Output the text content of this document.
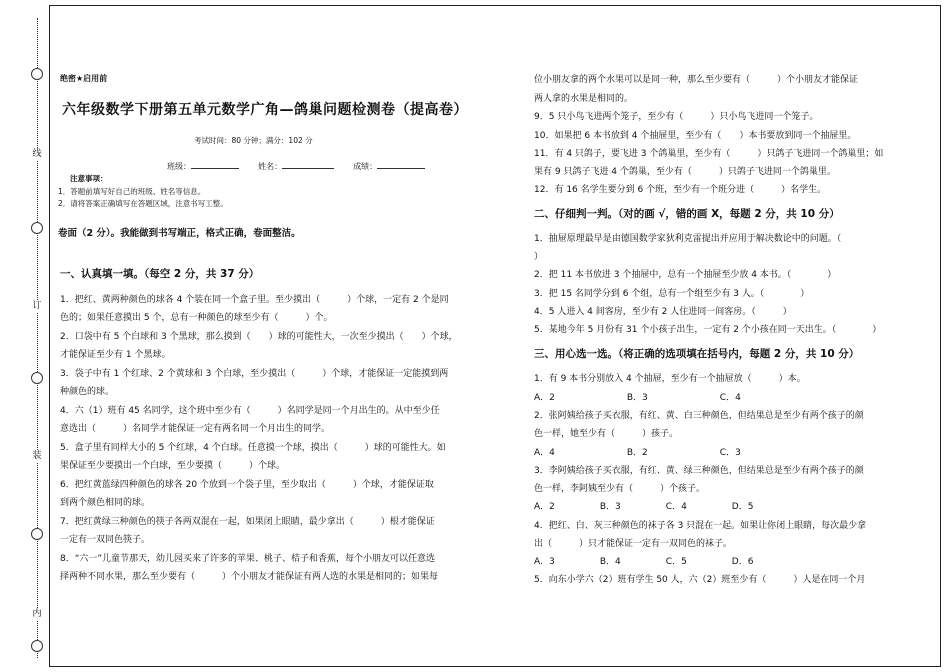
线
订
装
内
绝密★启用前
六年级数学下册第五单元数学广角—鸽巢问题检测卷（提高卷）
考试时间：80 分钟；满分：102 分
班级：	姓名：	成绩：
注意事项：
1．答题前填写好自己的班级、姓名等信息。
2．请将答案正确填写在答题区域，注意书写工整。
卷面（2 分）。我能做到书写端正，格式正确，卷面整洁。
一、认真填一填。（每空 2 分，共 37 分）
1．把红、黄两种颜色的球各 4 个装在同一个盒子里。至少摸出（　　　）个球，一定有 2 个是同
色的；如果任意摸出 5 个，总有一种颜色的球至少有（　　　）个。
2．口袋中有 5 个白球和 3 个黑球，那么摸到（　　）球的可能性大，一次至少摸出（　　）个球，
才能保证至少有 1 个黑球。
3．袋子中有 1 个红球、2 个黄球和 3 个白球，至少摸出（　　　）个球，才能保证一定能摸到两
种颜色的球。
4．六（1）班有 45 名同学，这个班中至少有（　　　）名同学是同一个月出生的。从中至少任
意选出（　　　）名同学才能保证一定有两名同一个月出生的同学。
5．盒子里有同样大小的 5 个红球，4 个白球。任意摸一个球，摸出（　　　）球的可能性大。如
果保证至少要摸出一个白球，至少要摸（　　　）个球。
6．把红黄蓝绿四种颜色的球各 20 个放到一个袋子里，至少取出（　　　）个球，才能保证取
到两个颜色相同的球。
7．把红黄绿三种颜色的筷子各两双混在一起，如果闭上眼睛，最少拿出（　　　）根才能保证
一定有一双同色筷子。
8．“六一”儿童节那天，幼儿园买来了许多的苹果、桃子、桔子和香蕉，每个小朋友可以任意选
择两种不同水果，那么至少要有（　　　）个小朋友才能保证有两人选的水果是相同的；如果每
位小朋友拿的两个水果可以是同一种，那么至少要有（　　　）个小朋友才能保证
两人拿的水果是相同的。
9．5 只小鸟飞进两个笼子，至少有（　　　）只小鸟飞进同一个笼子。
10．如果把 6 本书放到 4 个抽屉里，至少有（　　）本书要放到同一个抽屉里。
11．有 4 只鸽子，要飞进 3 个鸽巢里，至少有（　　　）只鸽子飞进同一个鸽巢里；如
果有 9 只鸽子飞进 4 个鸽巢，至少有（　　　）只鸽子飞进同一个鸽巢里。
12．有 16 名学生要分到 6 个班，至少有一个班分进（　　　）名学生。
二、仔细判一判。（对的画 √，错的画 X，每题 2 分，共 10 分）
1．抽屉原理最早是由德国数学家狄利克雷提出并应用于解决数论中的问题。（
）
2．把 11 本书放进 3 个抽屉中，总有一个抽屉至少放 4 本书。（　　　　）
3．把 15 名同学分到 6 个组，总有一个组至少有 3 人。（　　　　）
4．5 人进入 4 间客房，至少有 2 人住进同一间客房。（　　　）
5．某地今年 5 月份有 31 个小孩子出生，一定有 2 个小孩在同一天出生。（　　　　）
三、用心选一选。（将正确的选项填在括号内，每题 2 分，共 10 分）
1．有 9 本书分别放入 4 个抽屉，至少有一个抽屉放（　　　）本。
A．2　　　　　　　　B．3　　　　　　　　C．4
2．张阿姨给孩子买衣服，有红、黄、白三种颜色，但结果总是至少有两个孩子的颜
色一样，她至少有（　　　）孩子。
A．4　　　　　　　　B．2　　　　　　　　C．3
3．李阿姨给孩子买衣服，有红、黄、绿三种颜色，但结果总是至少有两个孩子的颜
色一样，李阿姨至少有（　　　）个孩子。
A．2　　　　　B．3　　　　　C．4　　　　　D．5
4．把红、白、灰三种颜色的袜子各 3 只混在一起。如果让你闭上眼睛，每次最少拿
出（　　　）只才能保证一定有一双同色的袜子。
A．3　　　　　B．4　　　　　C．5　　　　　D．6
5．向东小学六（2）班有学生 50 人，六（2）班至少有（　　　）人是在同一个月
